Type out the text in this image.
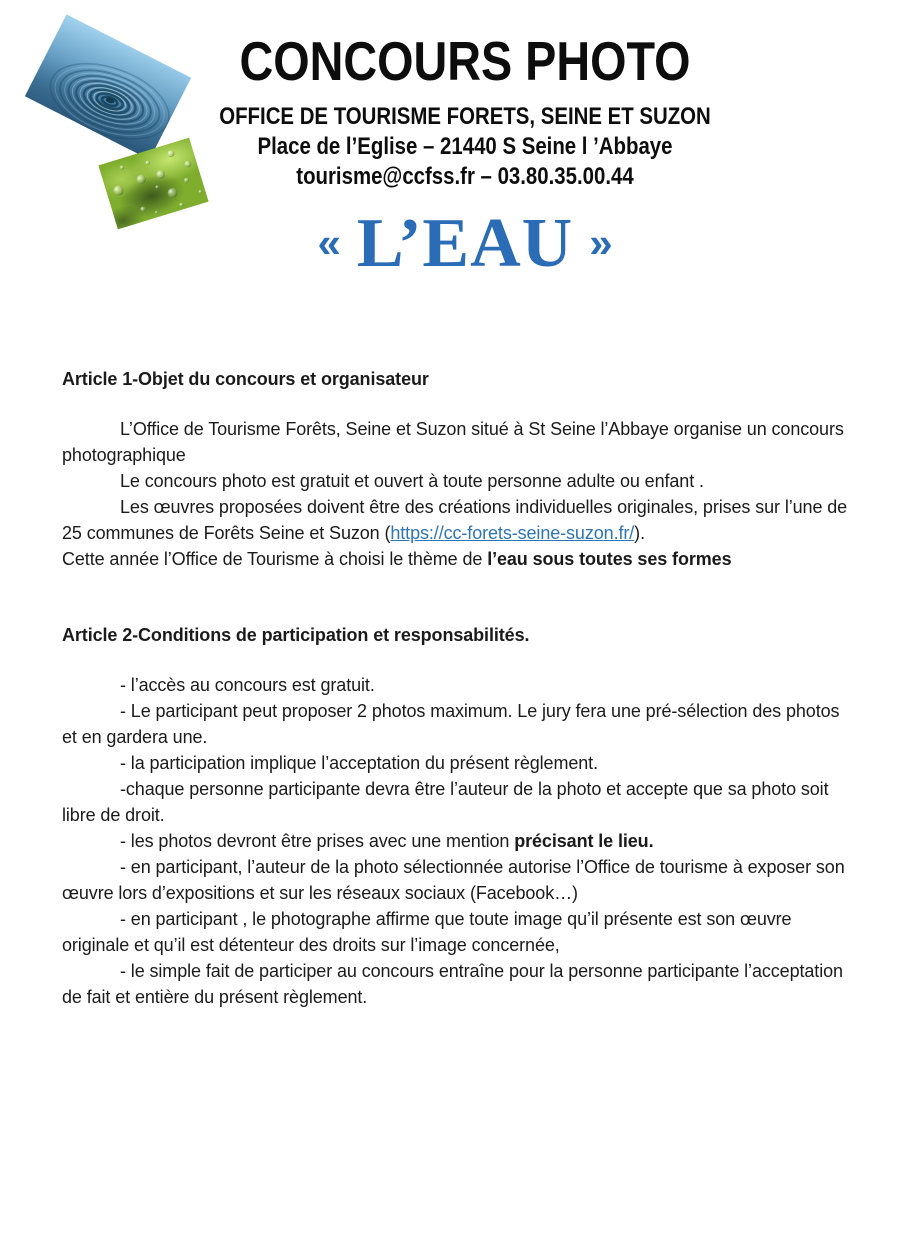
CONCOURS PHOTO
OFFICE DE TOURISME FORETS, SEINE ET SUZON
Place de l’Eglise – 21440 S Seine l ’Abbaye
tourisme@ccfss.fr – 03.80.35.00.44
« L’EAU »
Article 1-Objet du concours et organisateur

L’Office de Tourisme Forêts, Seine et Suzon situé à St Seine l’Abbaye organise un concours photographique

Le concours photo est gratuit et ouvert à toute personne adulte ou enfant .

Les œuvres proposées doivent être des créations individuelles originales, prises sur l’une de 25 communes de Forêts Seine et Suzon (https://cc-forets-seine-suzon.fr/).

Cette année l’Office de Tourisme à choisi le thème de l’eau sous toutes ses formes

Article 2-Conditions de participation et responsabilités.

- l’accès au concours est gratuit.

- Le participant peut proposer 2 photos maximum. Le jury fera une pré-sélection des photos et en gardera une.

- la participation implique l’acceptation du présent règlement.

-chaque personne participante devra être l’auteur de la photo et accepte que sa photo soit libre de droit.

- les photos devront être prises avec une mention précisant le lieu.

- en participant, l’auteur de la photo sélectionnée autorise l’Office de tourisme à exposer son œuvre lors d’expositions et sur les réseaux sociaux (Facebook…)

- en participant , le photographe affirme que toute image qu’il présente est son œuvre originale et qu’il est détenteur des droits sur l’image concernée,

- le simple fait de participer au concours entraîne pour la personne participante l’acceptation de fait et entière du présent règlement.
